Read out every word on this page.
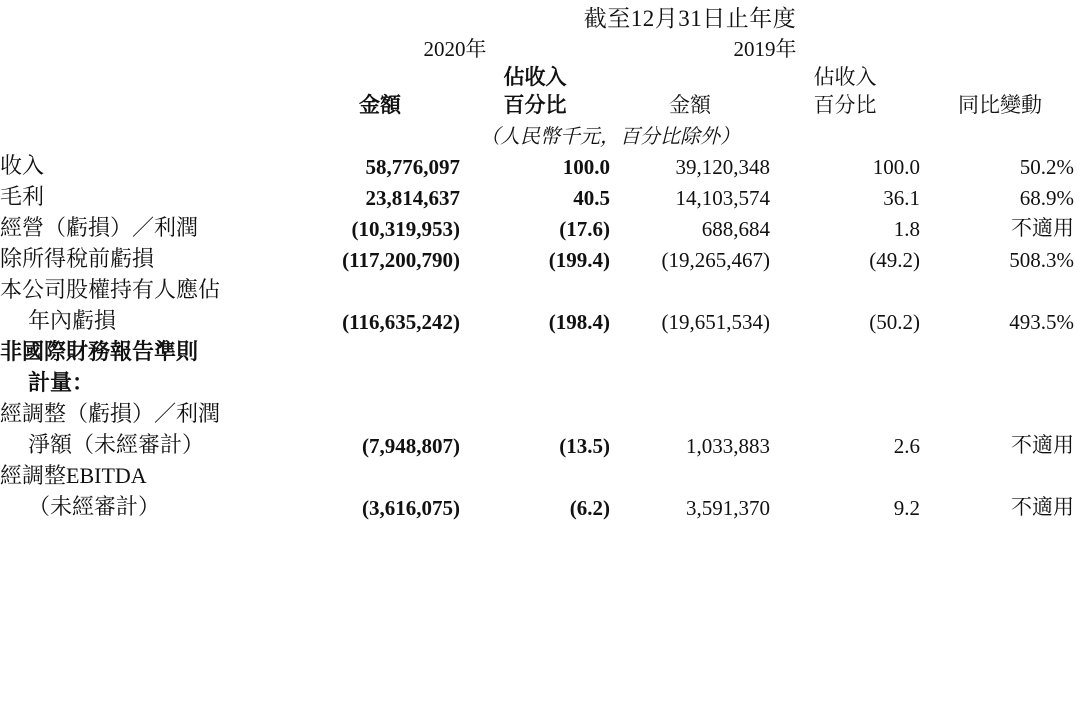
	截至12月31日止年度				
	2020年		2019年		
		佔收入		佔收入	
	金額	百分比	金額	百分比	同比變動
	（人民幣千元，百分比除外）				
收入	58,776,097	100.0	39,120,348	100.0	50.2%
毛利	23,814,637	40.5	14,103,574	36.1	68.9%
經營（虧損）／利潤	(10,319,953)	(17.6)	688,684	1.8	不適用
除所得稅前虧損	(117,200,790)	(199.4)	(19,265,467)	(49.2)	508.3%
本公司股權持有人應佔					
年內虧損	(116,635,242)	(198.4)	(19,651,534)	(50.2)	493.5%
非國際財務報告準則					
計量：					
經調整（虧損）／利潤					
淨額（未經審計）	(7,948,807)	(13.5)	1,033,883	2.6	不適用
經調整EBITDA					
（未經審計）	(3,616,075)	(6.2)	3,591,370	9.2	不適用
